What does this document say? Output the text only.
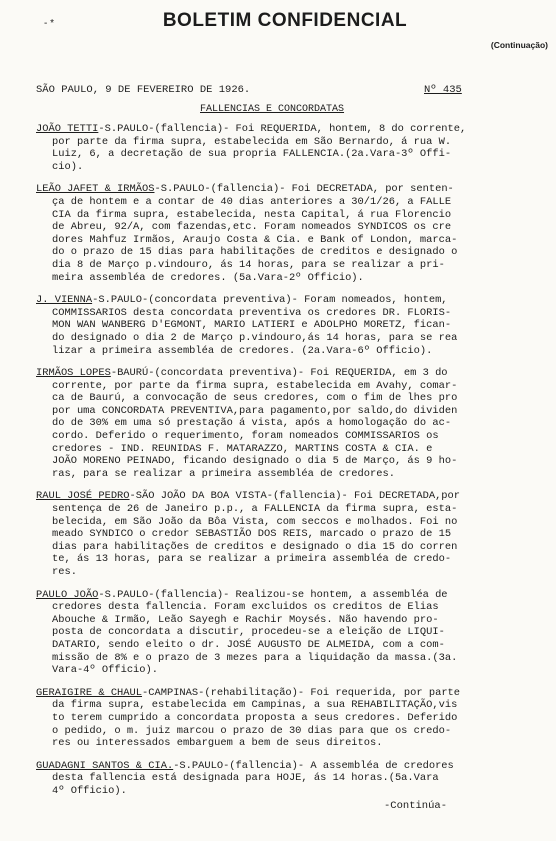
- *	BOLETIM CONFIDENCIAL
(Continuação)
SÃO PAULO, 9 DE FEVEREIRO DE 1926.	Nº 435
FALLENCIAS E CONCORDATAS
JOÃO TETTI-S.PAULO-(fallencia)- Foi REQUERIDA, hontem, 8 do corrente,
por parte da firma supra, estabelecida em São Bernardo, á rua W.
Luiz, 6, a decretação de sua propria FALLENCIA.(2a.Vara-3º Offi-
cio).
LEÃO JAFET & IRMÃOS-S.PAULO-(fallencia)- Foi DECRETADA, por senten-
ça de hontem e a contar de 40 dias anteriores a 30/1/26, a FALLE
CIA da firma supra, estabelecida, nesta Capital, á rua Florencio
de Abreu, 92/A, com fazendas,etc. Foram nomeados SYNDICOS os cre
dores Mahfuz Irmãos, Araujo Costa & Cia. e Bank of London, marca-
do o prazo de 15 dias para habilitações de creditos e designado o
dia 8 de Março p.vindouro, ás 14 horas, para se realizar a pri-
meira assembléa de credores. (5a.Vara-2º Officio).
J. VIENNA-S.PAULO-(concordata preventiva)- Foram nomeados, hontem,
COMMISSARIOS desta concordata preventiva os credores DR. FLORIS-
MON WAN WANBERG D'EGMONT, MARIO LATIERI e ADOLPHO MORETZ, fican-
do designado o dia 2 de Março p.vindouro,ás 14 horas, para se rea
lizar a primeira assembléa de credores. (2a.Vara-6º Officio).
IRMÃOS LOPES-BAURÚ-(concordata preventiva)- Foi REQUERIDA, em 3 do
corrente, por parte da firma supra, estabelecida em Avahy, comar-
ca de Baurú, a convocação de seus credores, com o fim de lhes pro
por uma CONCORDATA PREVENTIVA,para pagamento,por saldo,do dividen
do de 30% em uma só prestação á vista, após a homologação do ac-
cordo. Deferido o requerimento, foram nomeados COMMISSARIOS os
credores - IND. REUNIDAS F. MATARAZZO, MARTINS COSTA & CIA. e
JOÃO MORENO PEINADO, ficando designado o dia 5 de Março, ás 9 ho-
ras, para se realizar a primeira assembléa de credores.
RAUL JOSÉ PEDRO-SÃO JOÃO DA BOA VISTA-(fallencia)- Foi DECRETADA,por
sentença de 26 de Janeiro p.p., a FALLENCIA da firma supra, esta-
belecida, em São João da Bôa Vista, com seccos e molhados. Foi no
meado SYNDICO o credor SEBASTIÃO DOS REIS, marcado o prazo de 15
dias para habilitações de creditos e designado o dia 15 do corren
te, ás 13 horas, para se realizar a primeira assembléa de credo-
res.
PAULO JOÃO-S.PAULO-(fallencia)- Realizou-se hontem, a assembléa de
credores desta fallencia. Foram excluidos os creditos de Elias
Abouche & Irmão, Leão Sayegh e Rachir Moysés. Não havendo pro-
posta de concordata a discutir, procedeu-se a eleição de LIQUI-
DATARIO, sendo eleito o dr. JOSÉ AUGUSTO DE ALMEIDA, com a com-
missão de 8% e o prazo de 3 mezes para a liquidação da massa.(3a.
Vara-4º Officio).
GERAIGIRE & CHAUL-CAMPINAS-(rehabilitação)- Foi requerida, por parte
da firma supra, estabelecida em Campinas, a sua REHABILITAÇÃO,vis
to terem cumprido a concordata proposta a seus credores. Deferido
o pedido, o m. juiz marcou o prazo de 30 dias para que os credo-
res ou interessados embarguem a bem de seus direitos.
GUADAGNI SANTOS & CIA.-S.PAULO-(fallencia)- A assembléa de credores
desta fallencia está designada para HOJE, ás 14 horas.(5a.Vara
4º Officio).
-Continúa-
